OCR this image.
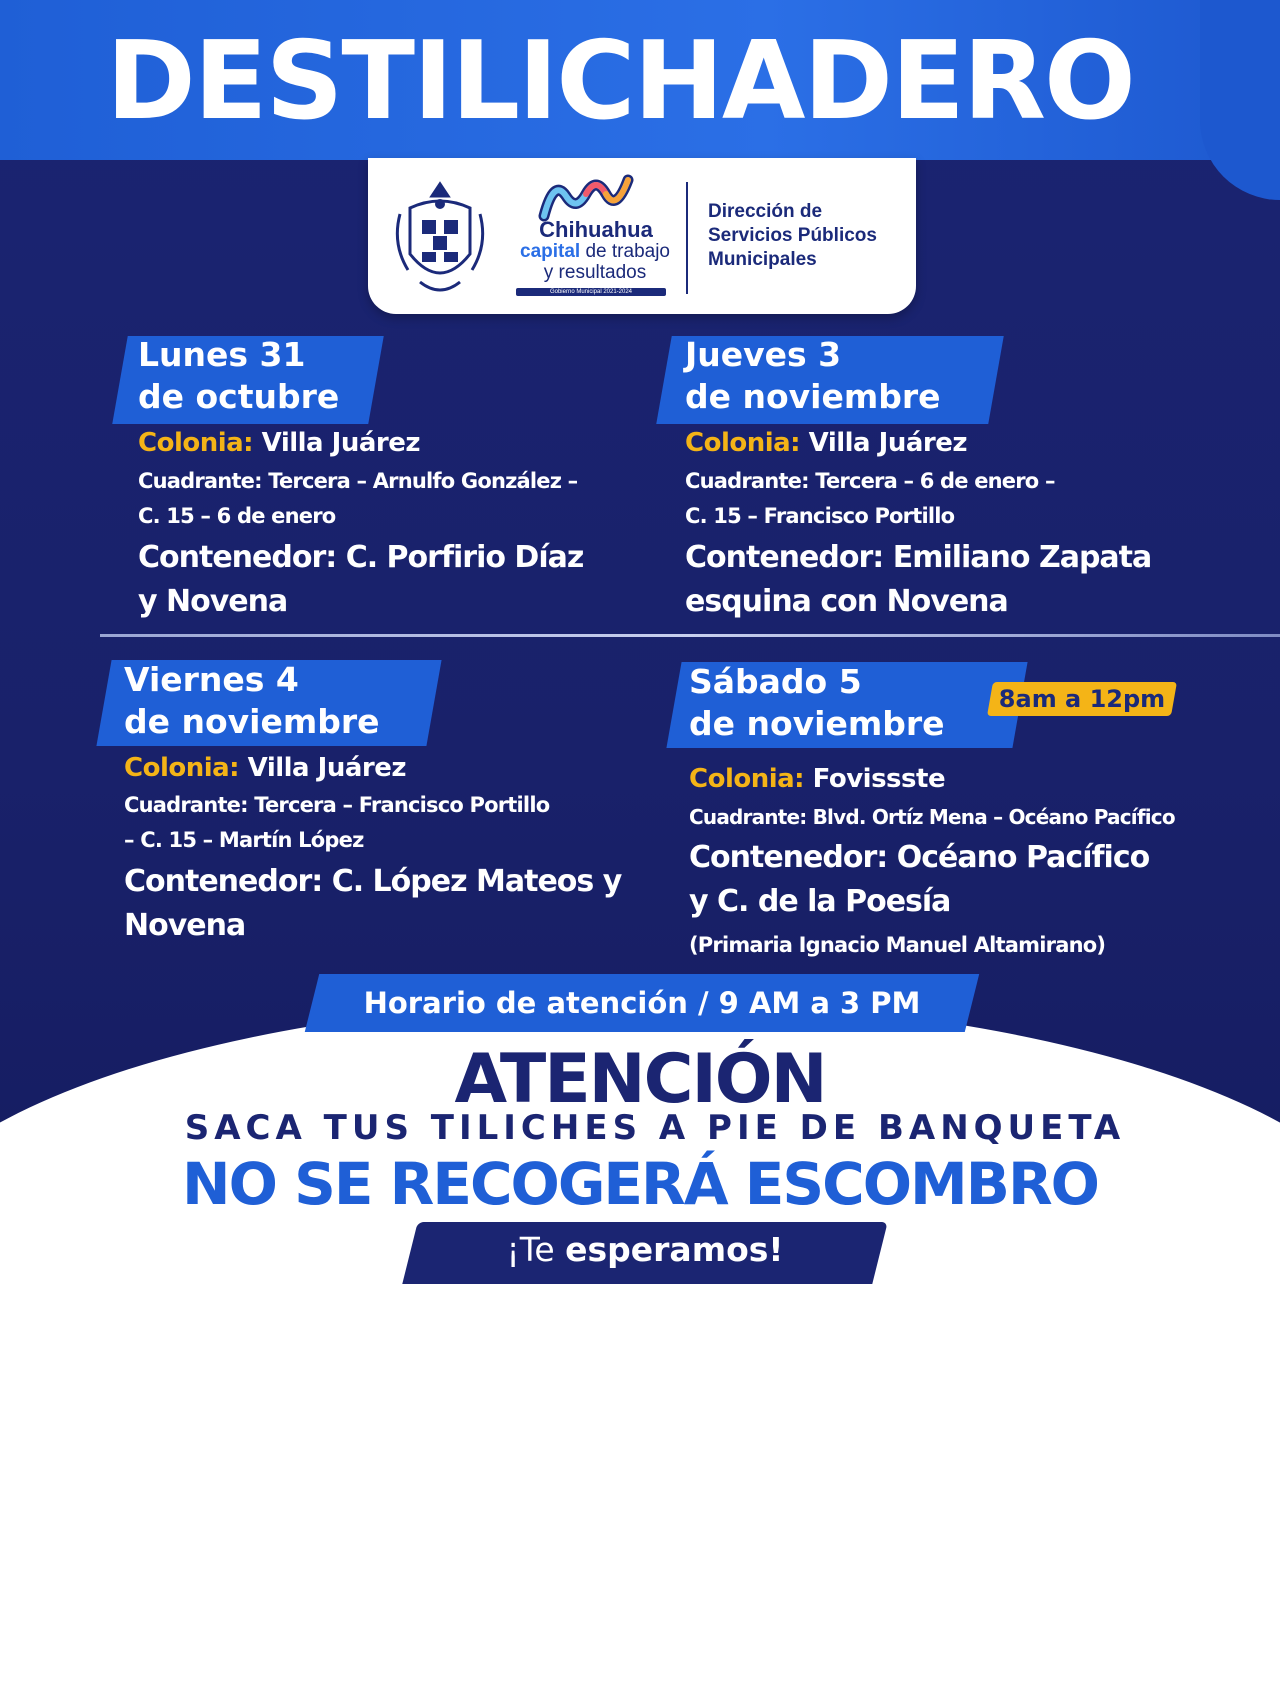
DESTILICHADERO
Chihuahua
capital de trabajo
y resultados
Gobierno Municipal 2021-2024
Dirección de
Servicios Públicos
Municipales
Lunes 31
de octubre
Colonia: Villa Juárez
Cuadrante: Tercera – Arnulfo González –
C. 15 – 6 de enero
Contenedor: C. Porfirio Díaz
y Novena
Jueves 3
de noviembre
Colonia: Villa Juárez
Cuadrante: Tercera – 6 de enero –
C. 15 – Francisco Portillo
Contenedor: Emiliano Zapata
esquina con Novena
Viernes 4
de noviembre
Colonia: Villa Juárez
Cuadrante: Tercera – Francisco Portillo
– C. 15 – Martín López
Contenedor: C. López Mateos y
Novena
Sábado 5
de noviembre
8am a 12pm
Colonia: Fovissste
Cuadrante: Blvd. Ortíz Mena – Océano Pacífico
Contenedor: Océano Pacífico
y C. de la Poesía
(Primaria Ignacio Manuel Altamirano)
Horario de atención / 9 AM a 3 PM
ATENCIÓN
SACA TUS TILICHES A PIE DE BANQUETA
NO SE RECOGERÁ ESCOMBRO
¡Te esperamos!
